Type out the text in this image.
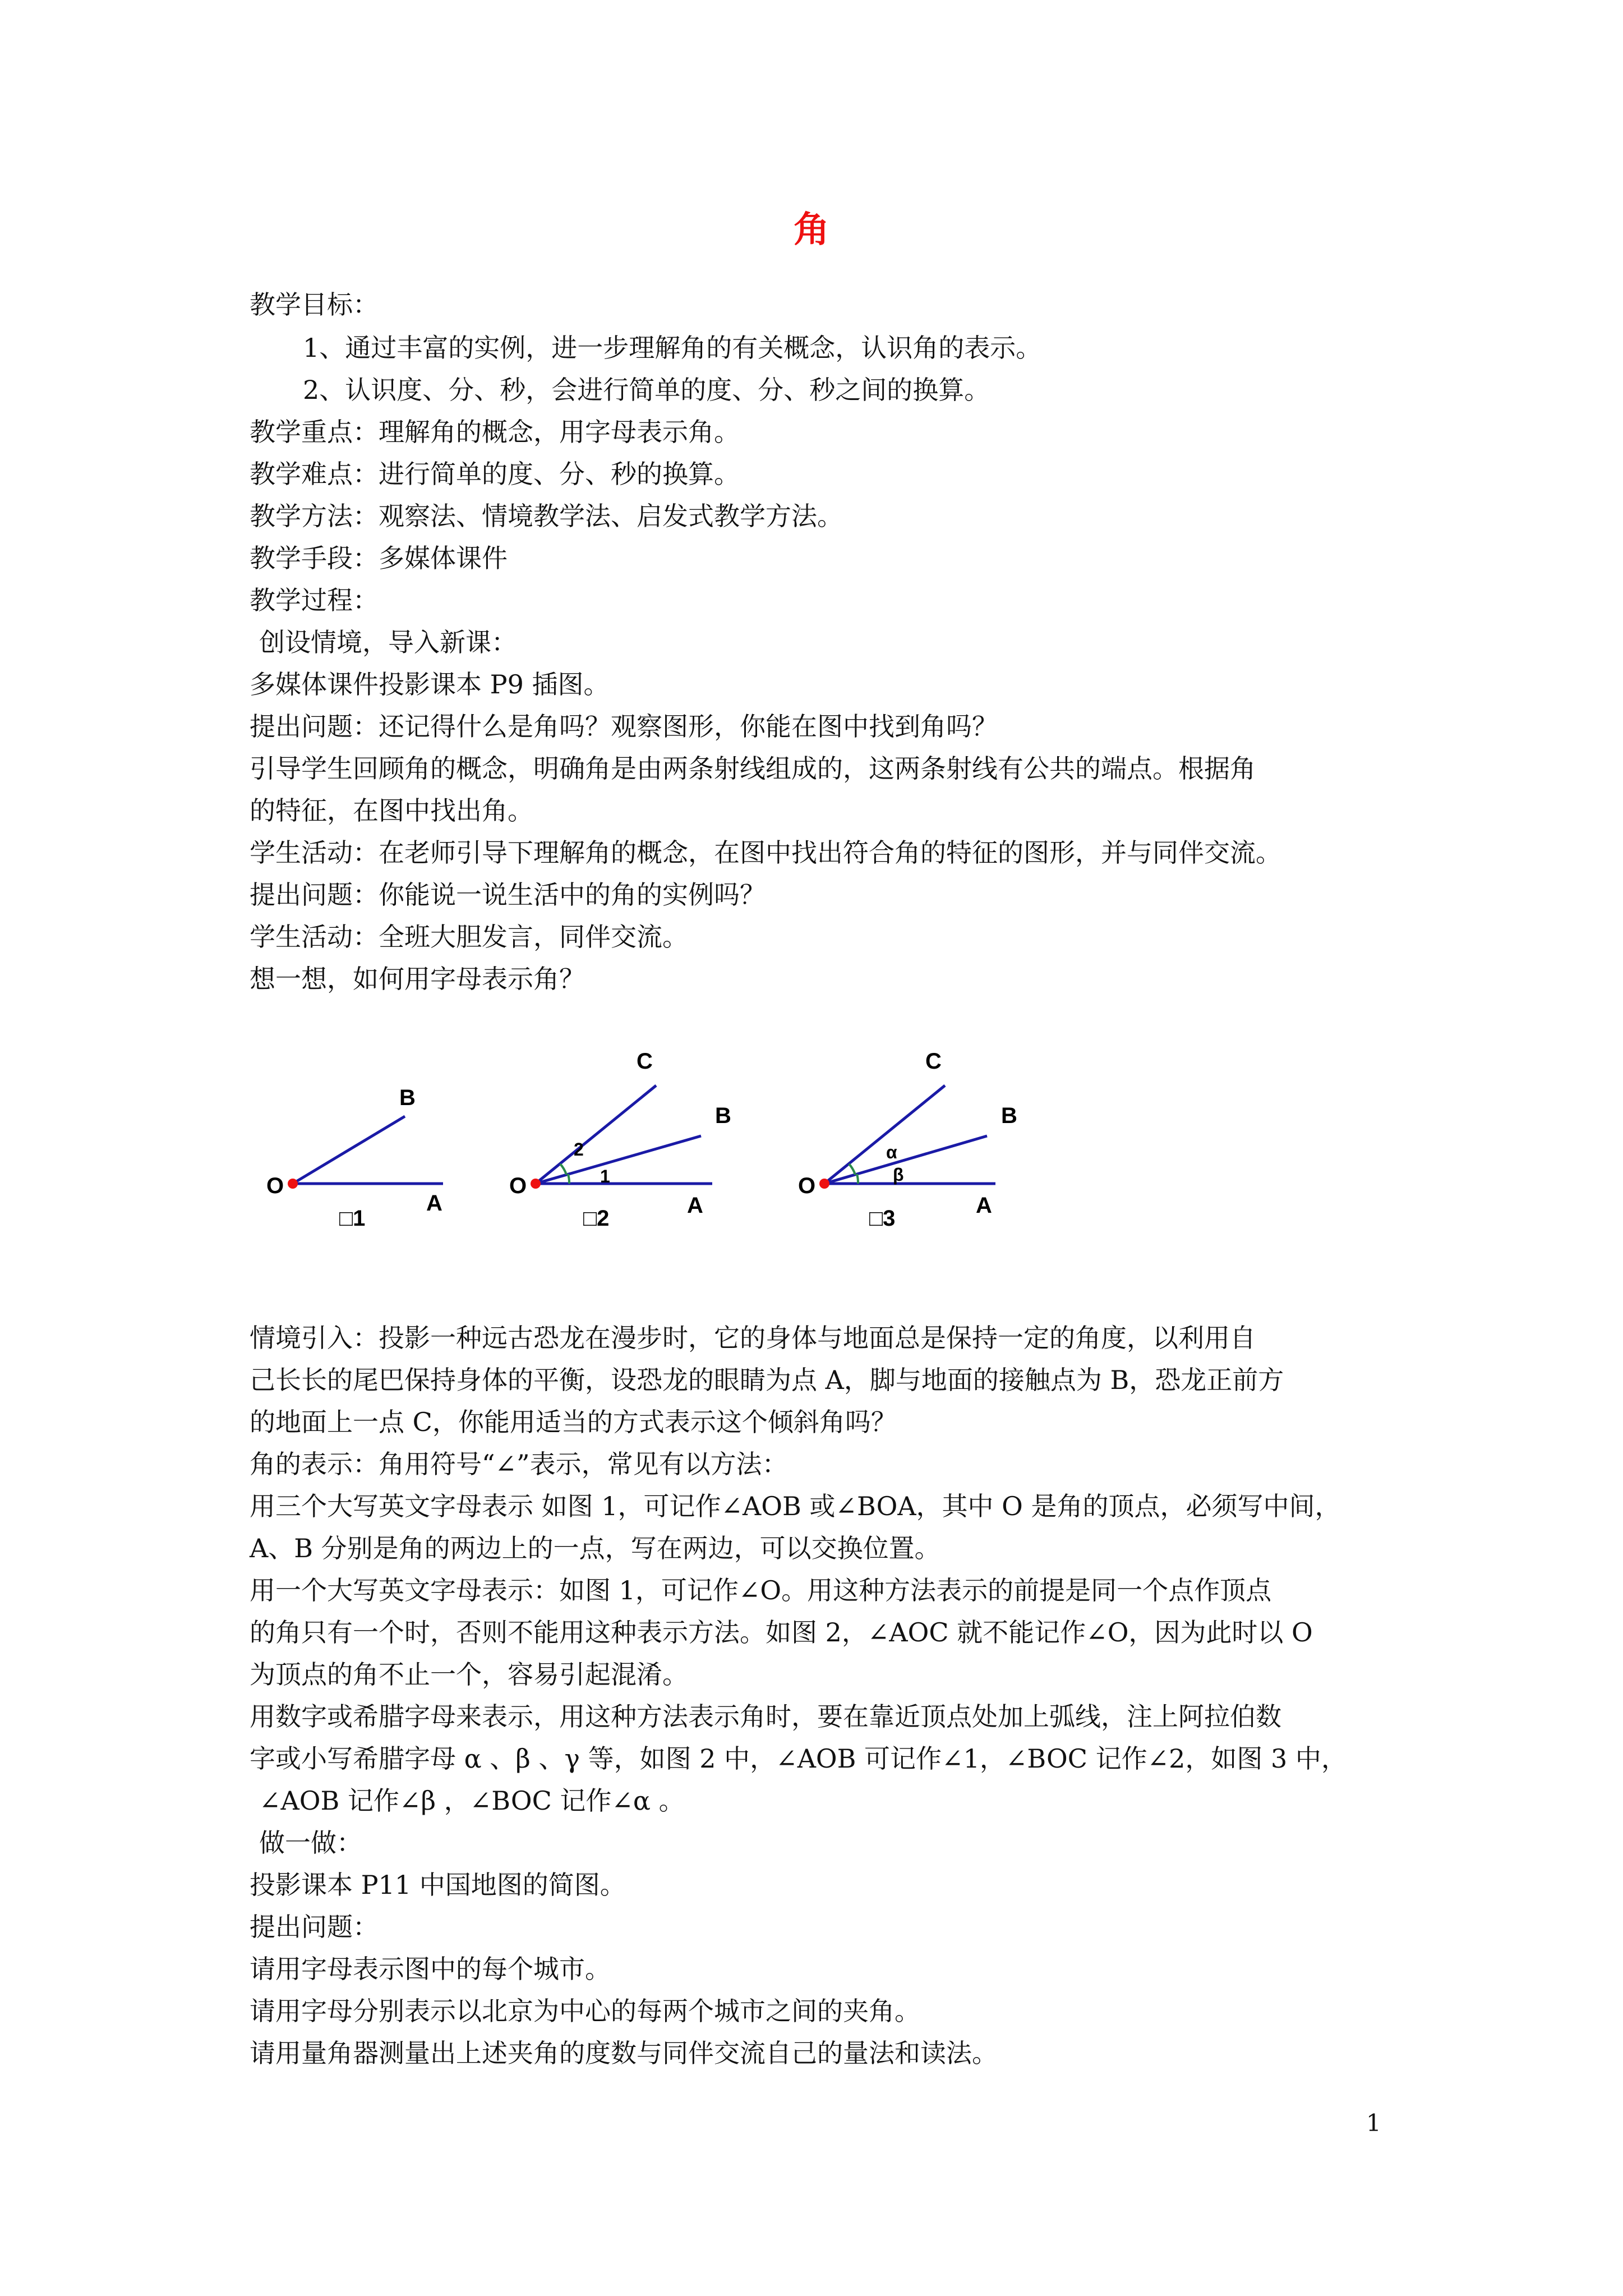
角

教学目标：

1、通过丰富的实例，进一步理解角的有关概念，认识角的表示。

2、认识度、分、秒，会进行简单的度、分、秒之间的换算。

教学重点：理解角的概念，用字母表示角。

教学难点：进行简单的度、分、秒的换算。

教学方法：观察法、情境教学法、启发式教学方法。

教学手段：多媒体课件

教学过程：

创设情境，导入新课：

多媒体课件投影课本 P9 插图。

提出问题：还记得什么是角吗？观察图形，你能在图中找到角吗？

引导学生回顾角的概念，明确角是由两条射线组成的，这两条射线有公共的端点。根据角

的特征，在图中找出角。

学生活动：在老师引导下理解角的概念，在图中找出符合角的特征的图形，并与同伴交流。

提出问题：你能说一说生活中的角的实例吗？

学生活动：全班大胆发言，同伴交流。

想一想，如何用字母表示角？

O
B
A
□1
O
C
B
A
2
1
□2
O
C
B
A
α
β
□3

情境引入：投影一种远古恐龙在漫步时，它的身体与地面总是保持一定的角度，以利用自

己长长的尾巴保持身体的平衡，设恐龙的眼睛为点 A，脚与地面的接触点为 B，恐龙正前方

的地面上一点 C，你能用适当的方式表示这个倾斜角吗？

角的表示：角用符号“∠”表示，常见有以方法：

用三个大写英文字母表示 如图 1，可记作∠AOB 或∠BOA，其中 O 是角的顶点，必须写中间，

A、B 分别是角的两边上的一点，写在两边，可以交换位置。

用一个大写英文字母表示：如图 1，可记作∠O。用这种方法表示的前提是同一个点作顶点

的角只有一个时，否则不能用这种表示方法。如图 2，∠AOC 就不能记作∠O，因为此时以 O

为顶点的角不止一个，容易引起混淆。

用数字或希腊字母来表示，用这种方法表示角时，要在靠近顶点处加上弧线，注上阿拉伯数

字或小写希腊字母 α 、β 、γ 等，如图 2 中，∠AOB 可记作∠1，∠BOC 记作∠2，如图 3 中，

∠AOB 记作∠β ，∠BOC 记作∠α 。

做一做：

投影课本 P11 中国地图的简图。

提出问题：

请用字母表示图中的每个城市。

请用字母分别表示以北京为中心的每两个城市之间的夹角。

请用量角器测量出上述夹角的度数与同伴交流自己的量法和读法。

1
